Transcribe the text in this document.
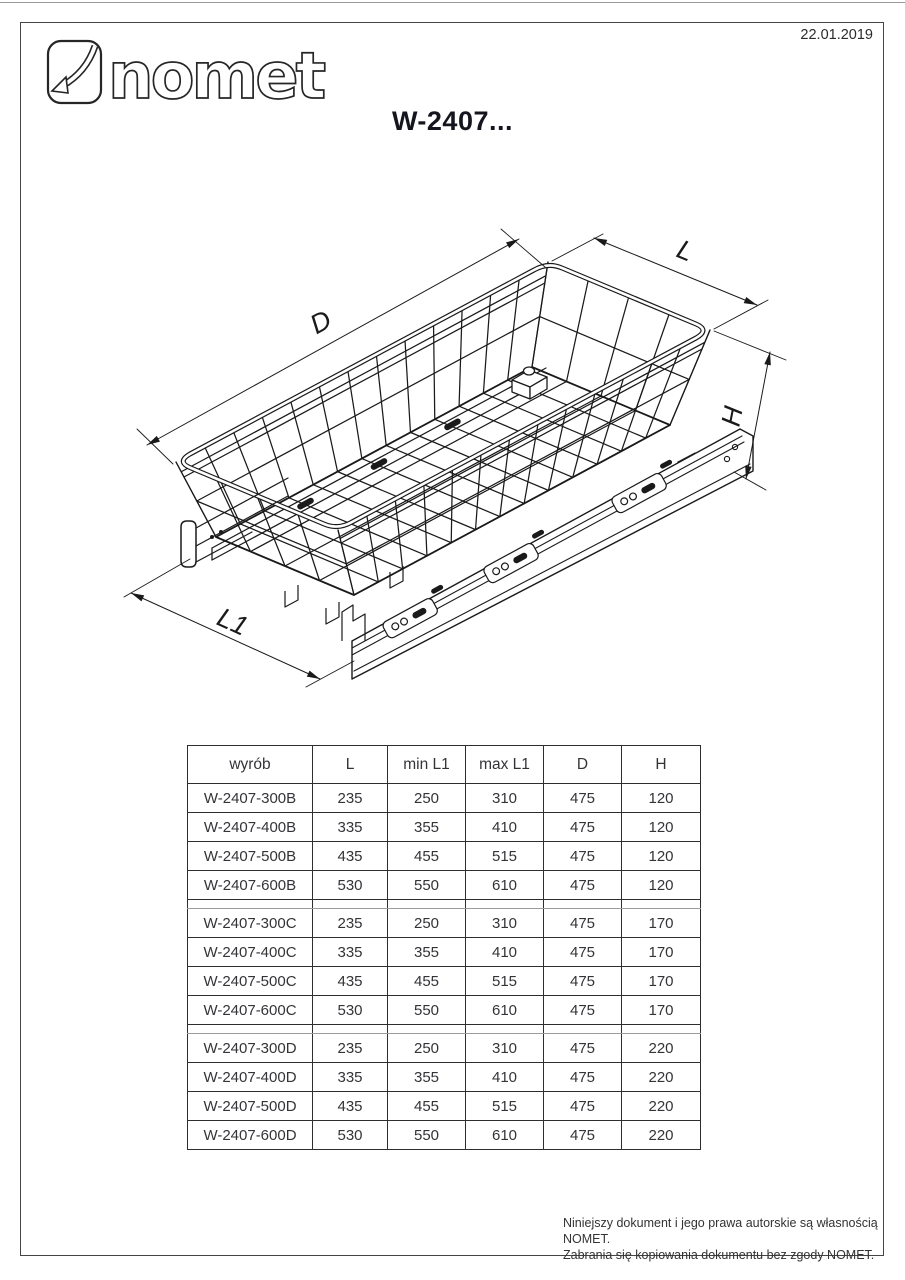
nomet
22.01.2019
W-2407...
D
L
H
L1
wyrób	L	min L1	max L1	D	H
W-2407-300B	235	250	310	475	120
W-2407-400B	335	355	410	475	120
W-2407-500B	435	455	515	475	120
W-2407-600B	530	550	610	475	120

W-2407-300C	235	250	310	475	170
W-2407-400C	335	355	410	475	170
W-2407-500C	435	455	515	475	170
W-2407-600C	530	550	610	475	170

W-2407-300D	235	250	310	475	220
W-2407-400D	335	355	410	475	220
W-2407-500D	435	455	515	475	220
W-2407-600D	530	550	610	475	220
Niniejszy dokument i jego prawa autorskie są własnością NOMET.
Zabrania się kopiowania dokumentu bez zgody NOMET.
